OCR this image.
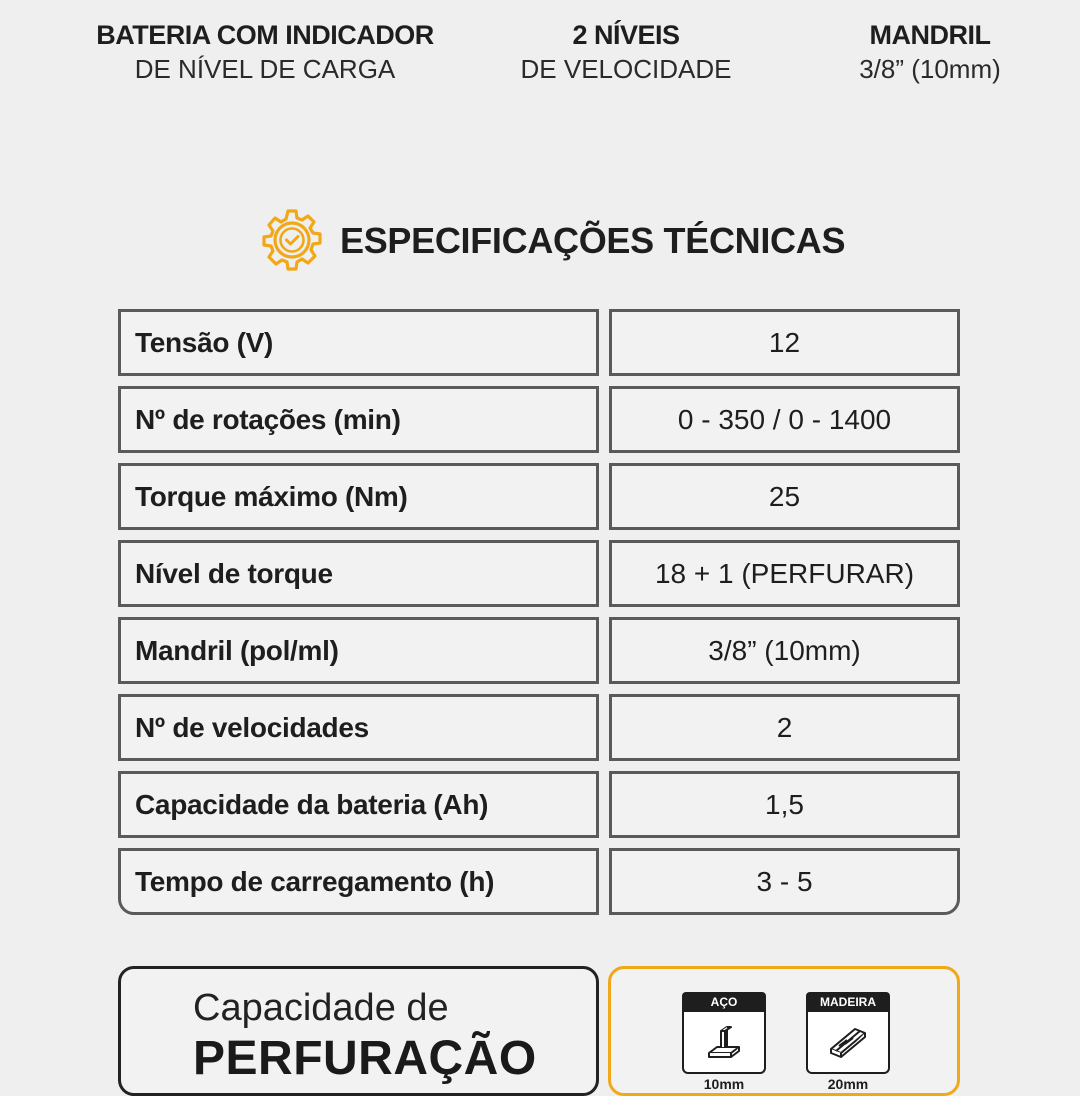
BATERIA COM INDICADOR
DE NÍVEL DE CARGA
2 NÍVEIS
DE VELOCIDADE
MANDRIL
3/8” (10mm)
ESPECIFICAÇÕES TÉCNICAS
Tensão (V)	12
Nº de rotações (min)	0 - 350 / 0 - 1400
Torque máximo (Nm)	25
Nível de torque	18 + 1 (PERFURAR)
Mandril (pol/ml)	3/8” (10mm)
Nº de velocidades	2
Capacidade da bateria (Ah)	1,5
Tempo de carregamento (h)	3 - 5
Capacidade de
PERFURAÇÃO
AÇO
10mm
MADEIRA
20mm
